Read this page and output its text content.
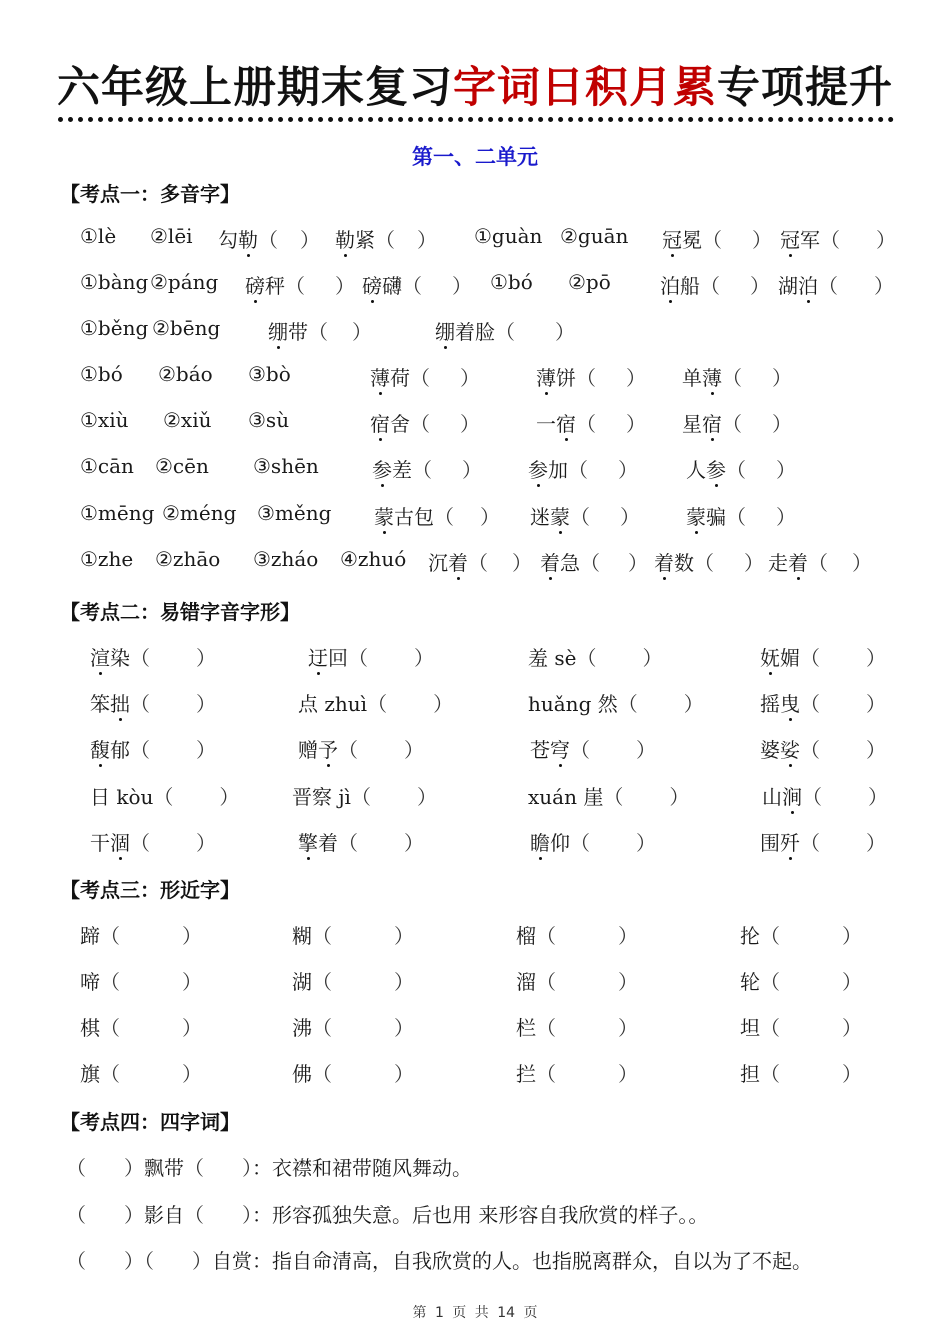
六年级上册期末复习字词日积月累专项提升
第一、二单元
【考点一：多音字】
①lè ②lēi 勾勒（ ） 勒紧（ ） ①guàn ②guān 冠冕（ ） 冠军（ ）
①bàng ②páng 磅秤（ ） 磅礴（ ） ①bó ②pō 泊船（ ） 湖泊（ ）
①běng ②bēng 绷带（ ）	绷着脸（ ）
①bó ②báo ③bò	薄荷（ ）	薄饼（ ） 单薄（ ）
①xiù ②xiǔ ③sù	宿舍（ ）	一宿（ ） 星宿（ ）
①cān ②cēn ③shēn	参差（ ） 参加（ ） 人参（ ）
①mēng ②méng ③měng 蒙古包（ ） 迷蒙（ ） 蒙骗（ ）
①zhe ②zhāo ③zháo ④zhuó 沉着（ ） 着急（ ） 着数（ ） 走着（ ）
【考点二：易错字音字形】
渲染（ ）	迂回（ ）	羞 sè（ ）	妩媚（ ）
笨拙（ ）	点 zhuì（ ）	huǎng 然（ ）	摇曳（ ）
馥郁（ ）	赠予（ ）	苍穹（ ）	婆娑（ ）
日 kòu（ ）	晋察 jì（ ）	xuán 崖（ ）	山涧（ ）
干涸（ ）	擎着（ ）	瞻仰（ ）	围歼（ ）
【考点三：形近字】
蹄（	）	糊（	）	榴（	）	抡（	）
啼（	）	湖（	）	溜（	）	轮（	）
棋（	）	沸（	）	栏（	）	坦（	）
旗（	）	佛（	）	拦（	）	担（	）
【考点四：四字词】
（ ）飘带（ ）：衣襟和裙带随风舞动。
（ ）影自（ ）：形容孤独失意。后也用 来形容自我欣赏的样子。。
（ ）（ ）自赏：指自命清高，自我欣赏的人。也指脱离群众，自以为了不起。
第 1 页 共 14 页
